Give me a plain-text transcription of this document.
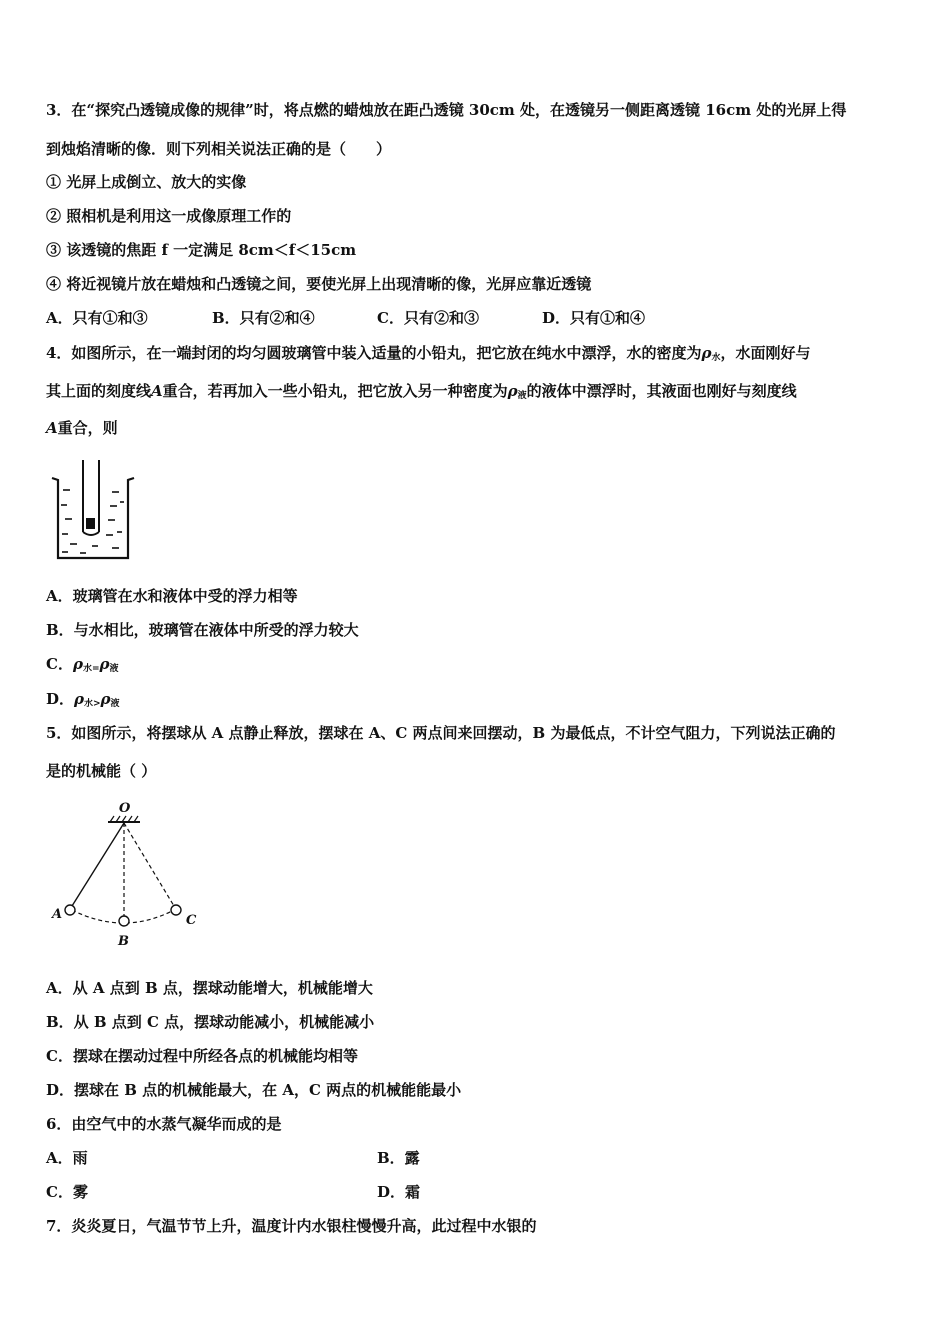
3．在“探究凸透镜成像的规律”时，将点燃的蜡烛放在距凸透镜 30cm 处，在透镜另一侧距离透镜 16cm 处的光屏上得
到烛焰清晰的像．则下列相关说法正确的是（　　）
① 光屏上成倒立、放大的实像
② 照相机是利用这一成像原理工作的
③ 该透镜的焦距 f 一定满足 8cm＜f＜15cm
④ 将近视镜片放在蜡烛和凸透镜之间，要使光屏上出现清晰的像，光屏应靠近透镜
A．只有①和③	B．只有②和④	C．只有②和③	D．只有①和④
4．如图所示，在一端封闭的均匀圆玻璃管中装入适量的小铅丸，把它放在纯水中漂浮，水的密度为$\rho_水$，水面刚好与
其上面的刻度线A重合，若再加入一些小铅丸，把它放入另一种密度为$\rho_液$的液体中漂浮时，其液面也刚好与刻度线
A重合，则
A．玻璃管在水和液体中受的浮力相等
B．与水相比，玻璃管在液体中所受的浮力较大
C．$\rho_{水=}\rho_液$
D．$\rho_{水>}\rho_液$
5．如图所示，将摆球从 A 点静止释放，摆球在 A、C 两点间来回摆动，B 为最低点，不计空气阻力，下列说法正确的
是的机械能（ ）
O
A
B
C
A．从 A 点到 B 点，摆球动能增大，机械能增大
B．从 B 点到 C 点，摆球动能减小，机械能减小
C．摆球在摆动过程中所经各点的机械能均相等
D．摆球在 B 点的机械能最大，在 A，C 两点的机械能能最小
6．由空气中的水蒸气凝华而成的是
A．雨	B．露
C．雾	D．霜
7．炎炎夏日，气温节节上升，温度计内水银柱慢慢升高，此过程中水银的
